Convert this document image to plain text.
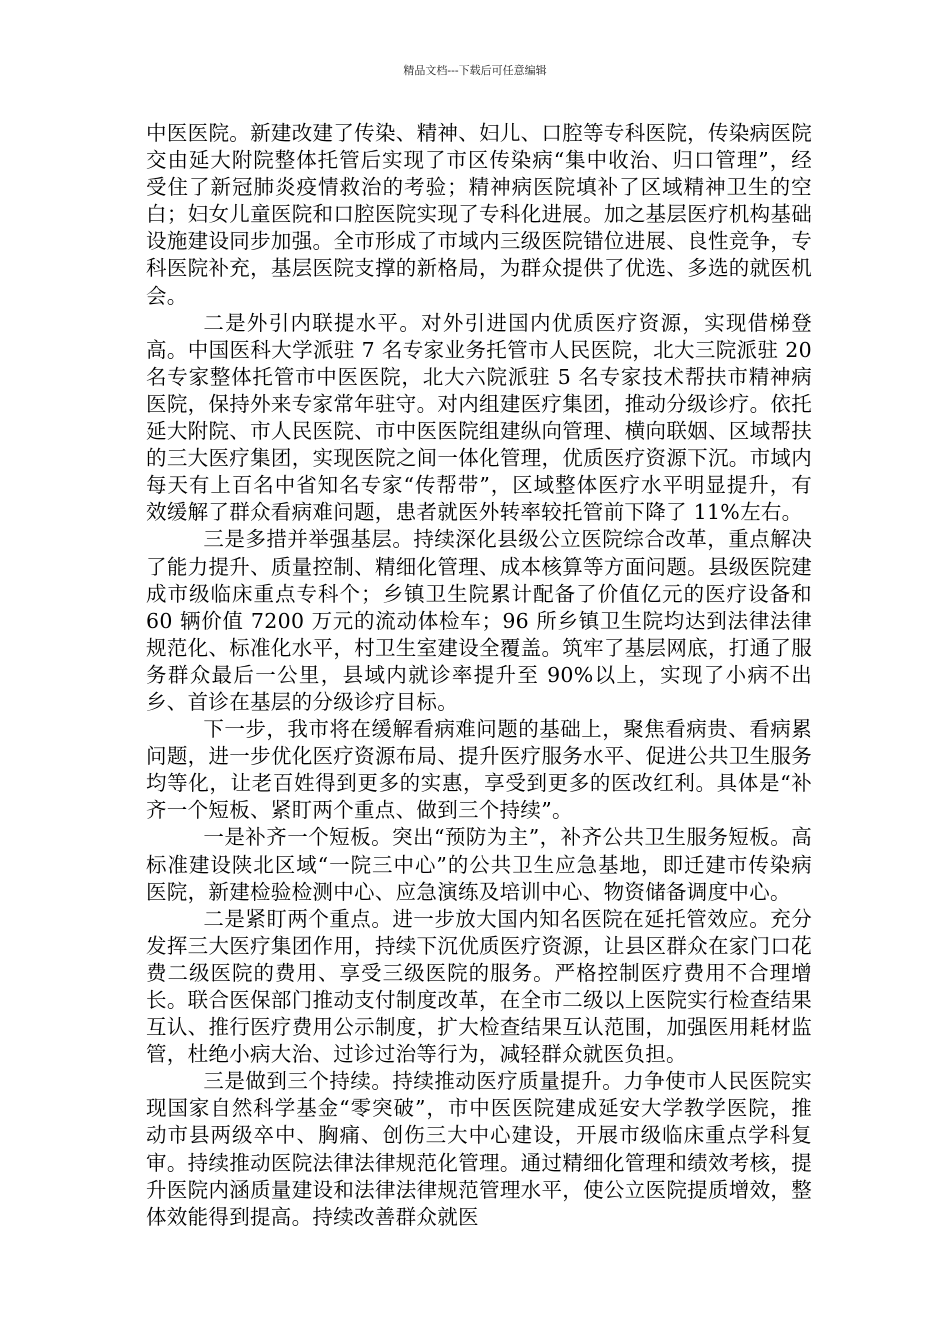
精品文档---下载后可任意编辑

中医医院。新建改建了传染、精神、妇儿、口腔等专科医院，传染病医院交由延大附院整体托管后实现了市区传染病“集中收治、归口管理”，经受住了新冠肺炎疫情救治的考验；精神病医院填补了区域精神卫生的空白；妇女儿童医院和口腔医院实现了专科化进展。加之基层医疗机构基础设施建设同步加强。全市形成了市域内三级医院错位进展、良性竞争，专科医院补充，基层医院支撑的新格局，为群众提供了优选、多选的就医机会。

二是外引内联提水平。对外引进国内优质医疗资源，实现借梯登高。中国医科大学派驻 7 名专家业务托管市人民医院，北大三院派驻 20 名专家整体托管市中医医院，北大六院派驻 5 名专家技术帮扶市精神病医院，保持外来专家常年驻守。对内组建医疗集团，推动分级诊疗。依托延大附院、市人民医院、市中医医院组建纵向管理、横向联姻、区域帮扶的三大医疗集团，实现医院之间一体化管理，优质医疗资源下沉。市域内每天有上百名中省知名专家“传帮带”，区域整体医疗水平明显提升，有效缓解了群众看病难问题，患者就医外转率较托管前下降了 11%左右。

三是多措并举强基层。持续深化县级公立医院综合改革，重点解决了能力提升、质量控制、精细化管理、成本核算等方面问题。县级医院建成市级临床重点专科个；乡镇卫生院累计配备了价值亿元的医疗设备和 60 辆价值 7200 万元的流动体检车；96 所乡镇卫生院均达到法律法律规范化、标准化水平，村卫生室建设全覆盖。筑牢了基层网底，打通了服务群众最后一公里，县域内就诊率提升至 90%以上，实现了小病不出乡、首诊在基层的分级诊疗目标。

下一步，我市将在缓解看病难问题的基础上，聚焦看病贵、看病累问题，进一步优化医疗资源布局、提升医疗服务水平、促进公共卫生服务均等化，让老百姓得到更多的实惠，享受到更多的医改红利。具体是“补齐一个短板、紧盯两个重点、做到三个持续”。

一是补齐一个短板。突出“预防为主”，补齐公共卫生服务短板。高标准建设陕北区域“一院三中心”的公共卫生应急基地，即迁建市传染病医院，新建检验检测中心、应急演练及培训中心、物资储备调度中心。

二是紧盯两个重点。进一步放大国内知名医院在延托管效应。充分发挥三大医疗集团作用，持续下沉优质医疗资源，让县区群众在家门口花费二级医院的费用、享受三级医院的服务。严格控制医疗费用不合理增长。联合医保部门推动支付制度改革，在全市二级以上医院实行检查结果互认、推行医疗费用公示制度，扩大检查结果互认范围，加强医用耗材监管，杜绝小病大治、过诊过治等行为，减轻群众就医负担。

三是做到三个持续。持续推动医疗质量提升。力争使市人民医院实现国家自然科学基金“零突破”，市中医医院建成延安大学教学医院，推动市县两级卒中、胸痛、创伤三大中心建设，开展市级临床重点学科复审。持续推动医院法律法律规范化管理。通过精细化管理和绩效考核，提升医院内涵质量建设和法律法律规范管理水平，使公立医院提质增效，整体效能得到提高。持续改善群众就医
